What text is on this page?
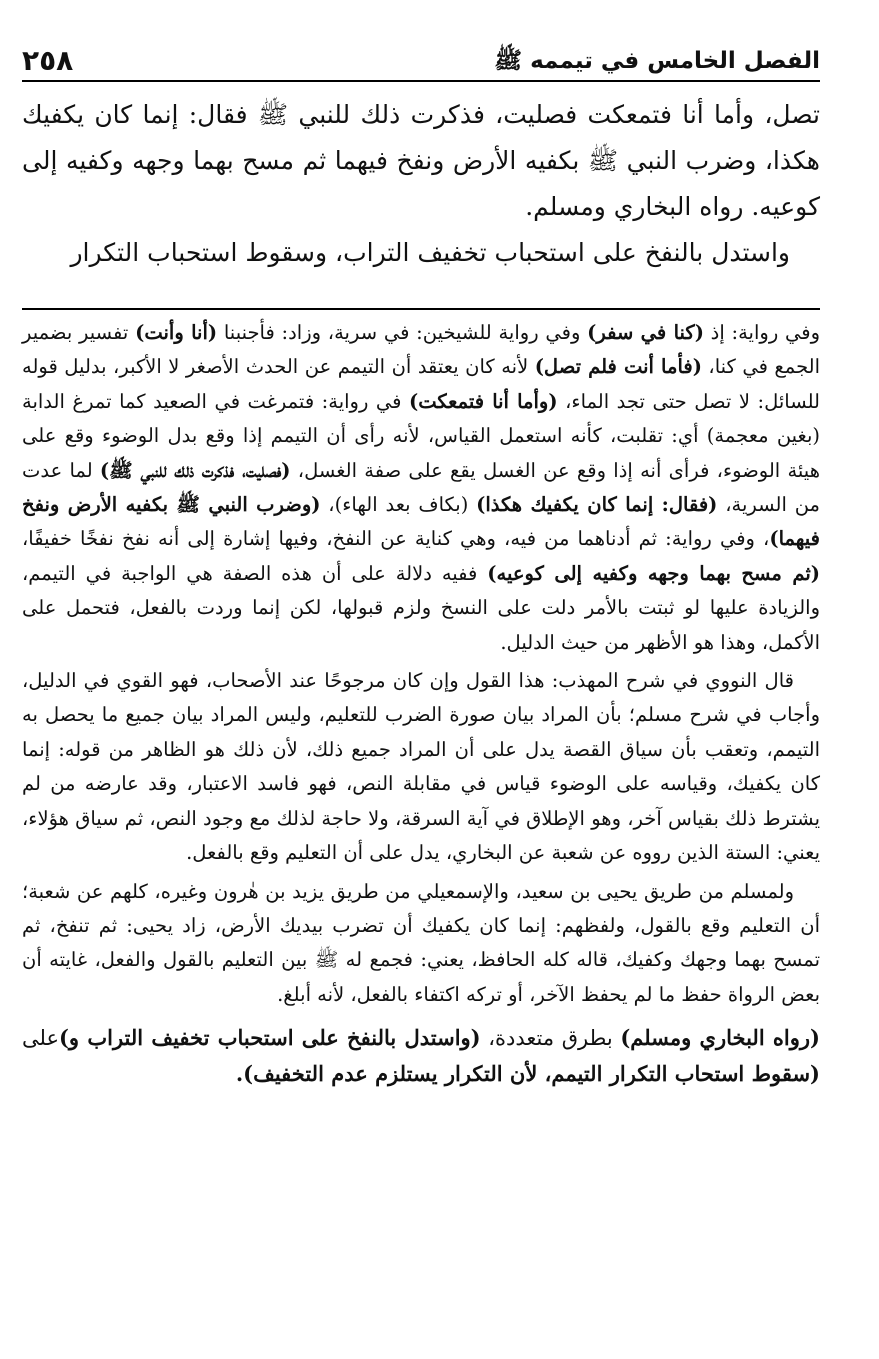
الفصل الخامس في تيممه ﷺ
٢٥٨

تصل، وأما أنا فتمعكت فصليت، فذكرت ذلك للنبي ﷺ فقال: إنما كان يكفيك هكذا، وضرب النبي ﷺ بكفيه الأرض ونفخ فيهما ثم مسح بهما وجهه وكفيه إلى كوعيه. رواه البخاري ومسلم.

واستدل بالنفخ على استحباب تخفيف التراب، وسقوط استحباب التكرار

وفي رواية: إذ (كنا في سفر) وفي رواية للشيخين: في سرية، وزاد: فأجنبنا (أنا وأنت) تفسير بضمير الجمع في كنا، (فأما أنت فلم تصل) لأنه كان يعتقد أن التيمم عن الحدث الأصغر لا الأكبر، بدليل قوله للسائل: لا تصل حتى تجد الماء، (وأما أنا فتمعكت) في رواية: فتمرغت في الصعيد كما تمرغ الدابة (بغين معجمة) أي: تقلبت، كأنه استعمل القياس، لأنه رأى أن التيمم إذا وقع بدل الوضوء وقع على هيئة الوضوء، فرأى أنه إذا وقع عن الغسل يقع على صفة الغسل، (فصليت، فذكرت ذلك للنبي ﷺ) لما عدت من السرية، (فقال: إنما كان يكفيك هكذا) (بكاف بعد الهاء)، (وضرب النبي ﷺ بكفيه الأرض ونفخ فيهما)، وفي رواية: ثم أدناهما من فيه، وهي كناية عن النفخ، وفيها إشارة إلى أنه نفخ نفخًا خفيفًا، (ثم مسح بهما وجهه وكفيه إلى كوعيه) ففيه دلالة على أن هذه الصفة هي الواجبة في التيمم، والزيادة عليها لو ثبتت بالأمر دلت على النسخ ولزم قبولها، لكن إنما وردت بالفعل، فتحمل على الأكمل، وهذا هو الأظهر من حيث الدليل.

قال النووي في شرح المهذب: هذا القول وإن كان مرجوحًا عند الأصحاب، فهو القوي في الدليل، وأجاب في شرح مسلم؛ بأن المراد بيان صورة الضرب للتعليم، وليس المراد بيان جميع ما يحصل به التيمم، وتعقب بأن سياق القصة يدل على أن المراد جميع ذلك، لأن ذلك هو الظاهر من قوله: إنما كان يكفيك، وقياسه على الوضوء قياس في مقابلة النص، فهو فاسد الاعتبار، وقد عارضه من لم يشترط ذلك بقياس آخر، وهو الإطلاق في آية السرقة، ولا حاجة لذلك مع وجود النص، ثم سياق هؤلاء، يعني: الستة الذين رووه عن شعبة عن البخاري، يدل على أن التعليم وقع بالفعل.

ولمسلم من طريق يحيى بن سعيد، والإسمعيلي من طريق يزيد بن هٰرون وغيره، كلهم عن شعبة؛ أن التعليم وقع بالقول، ولفظهم: إنما كان يكفيك أن تضرب بيديك الأرض، زاد يحيى: ثم تنفخ، ثم تمسح بهما وجهك وكفيك، قاله كله الحافظ، يعني: فجمع له ﷺ بين التعليم بالقول والفعل، غايته أن بعض الرواة حفظ ما لم يحفظ الآخر، أو تركه اكتفاء بالفعل، لأنه أبلغ.

(رواه البخاري ومسلم) بطرق متعددة، (واستدل بالنفخ على استحباب تخفيف التراب و)على (سقوط استحاب التكرار التيمم، لأن التكرار يستلزم عدم التخفيف).
